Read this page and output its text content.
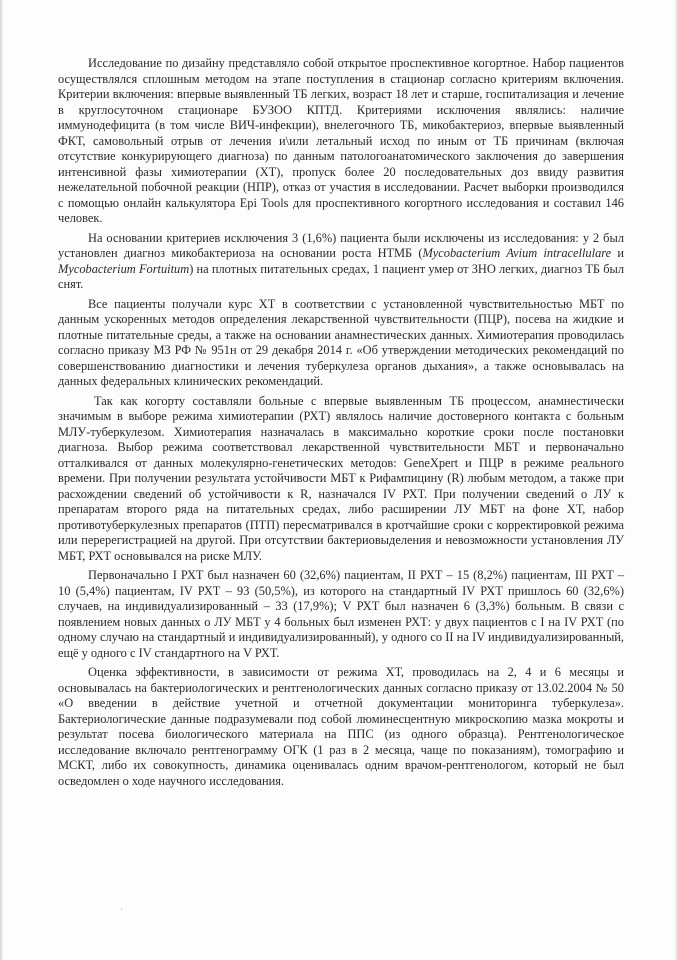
Исследование по дизайну представляло собой открытое проспективное когортное. Набор пациентов осуществлялся сплошным методом на этапе поступления в стационар согласно критериям включения. Критерии включения: впервые выявленный ТБ легких, возраст 18 лет и старше, госпитализация и лечение в круглосуточном стационаре БУЗОО КПТД. Критериями исключения являлись: наличие иммунодефицита (в том числе ВИЧ-инфекции), внелегочного ТБ, микобактериоз, впервые выявленный ФКТ, самовольный отрыв от лечения и\или летальный исход по иным от ТБ причинам (включая отсутствие конкурирующего диагноза) по данным патологоанатомического заключения до завершения интенсивной фазы химиотерапии (ХТ), пропуск более 20 последовательных доз ввиду развития нежелательной побочной реакции (НПР), отказ от участия в исследовании. Расчет выборки производился с помощью онлайн калькулятора Epi Tools для проспективного когортного исследования и составил 146 человек.

На основании критериев исключения 3 (1,6%) пациента были исключены из исследования: у 2 был установлен диагноз микобактериоза на основании роста НТМБ (Mycobacterium Avium intracellulare и Mycobacterium Fortuitum) на плотных питательных средах, 1 пациент умер от ЗНО легких, диагноз ТБ был снят.

Все пациенты получали курс ХТ в соответствии с установленной чувствительностью МБТ по данным ускоренных методов определения лекарственной чувствительности (ПЦР), посева на жидкие и плотные питательные среды, а также на основании анамнестических данных. Химиотерапия проводилась согласно приказу МЗ РФ № 951н от 29 декабря 2014 г. «Об утверждении методических рекомендаций по совершенствованию диагностики и лечения туберкулеза органов дыхания», а также основывалась на данных федеральных клинических рекомендаций.

Так как когорту составляли больные с впервые выявленным ТБ процессом, анамнестически значимым в выборе режима химиотерапии (РХТ) являлось наличие достоверного контакта с больным МЛУ-туберкулезом. Химиотерапия назначалась в максимально короткие сроки после постановки диагноза. Выбор режима соответствовал лекарственной чувствительности МБТ и первоначально отталкивался от данных молекулярно-генетических методов: GeneXpert и ПЦР в режиме реального времени. При получении результата устойчивости МБТ к Рифампицину (R) любым методом, а также при расхождении сведений об устойчивости к R, назначался IV РХТ. При получении сведений о ЛУ к препаратам второго ряда на питательных средах, либо расширении ЛУ МБТ на фоне ХТ, набор противотуберкулезных препаратов (ПТП) пересматривался в кротчайшие сроки с корректировкой режима или перерегистрацией на другой. При отсутствии бактериовыделения и невозможности установления ЛУ МБТ, РХТ основывался на риске МЛУ.

Первоначально I РХТ был назначен 60 (32,6%) пациентам, II РХТ – 15 (8,2%) пациентам, III РХТ – 10 (5,4%) пациентам, IV РХТ – 93 (50,5%), из которого на стандартный IV РХТ пришлось 60 (32,6%) случаев, на индивидуализированный – 33 (17,9%); V РХТ был назначен 6 (3,3%) больным. В связи с появлением новых данных о ЛУ МБТ у 4 больных был изменен РХТ: у двух пациентов с I на IV РХТ (по одному случаю на стандартный и индивидуализированный), у одного со II на IV индивидуализированный, ещё у одного с IV стандартного на V РХТ.

Оценка эффективности, в зависимости от режима ХТ, проводилась на 2, 4 и 6 месяцы и основывалась на бактериологических и рентгенологических данных согласно приказу от 13.02.2004 № 50 «О введении в действие учетной и отчетной документации мониторинга туберкулеза». Бактериологические данные подразумевали под собой люминесцентную микроскопию мазка мокроты и результат посева биологического материала на ППС (из одного образца). Рентгенологическое исследование включало рентгенограмму ОГК (1 раз в 2 месяца, чаще по показаниям), томографию и МСКТ, либо их совокупность, динамика оценивалась одним врачом-рентгенологом, который не был осведомлен о ходе научного исследования.

·
